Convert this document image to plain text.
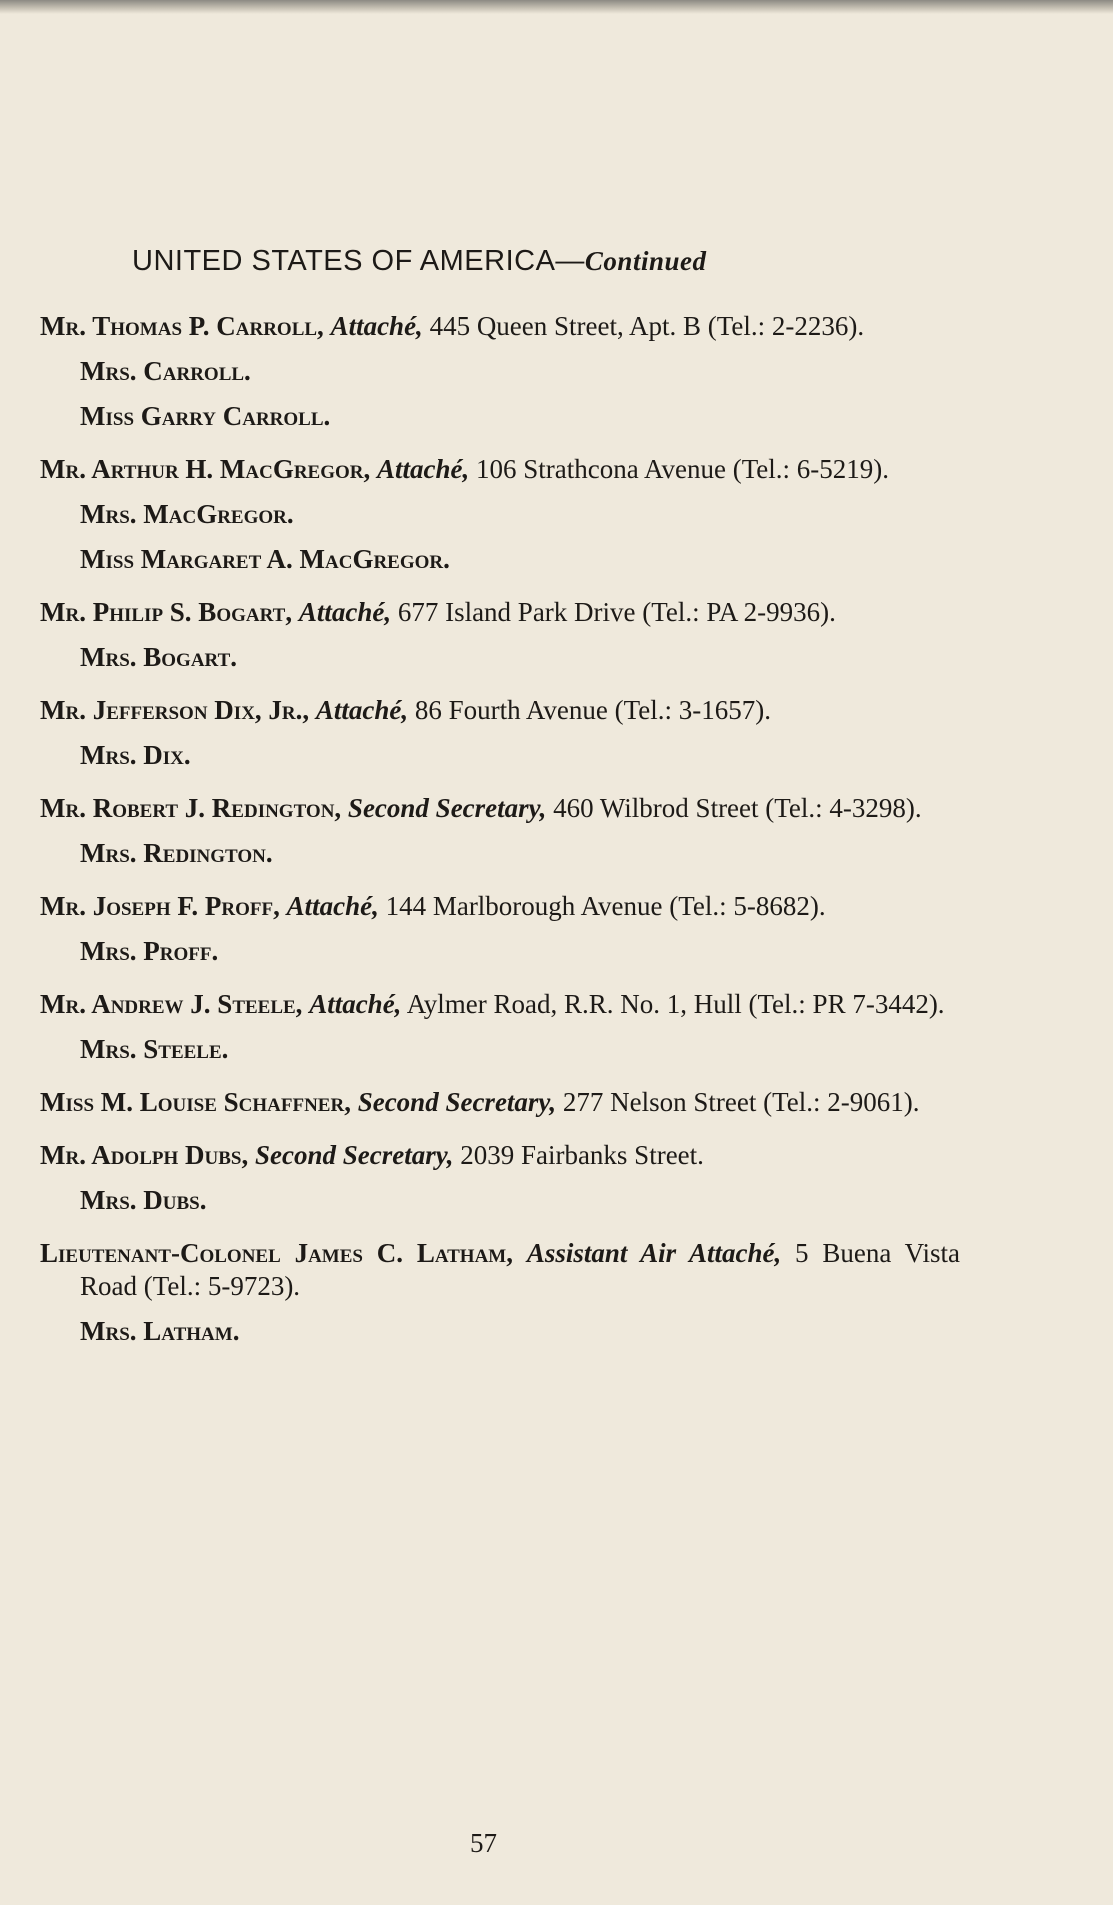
UNITED STATES OF AMERICA—Continued
Mr. Thomas P. Carroll, Attaché, 445 Queen Street, Apt. B (Tel.: 2-2236).
Mrs. Carroll.
Miss Garry Carroll.
Mr. Arthur H. MacGregor, Attaché, 106 Strathcona Avenue (Tel.: 6-5219).
Mrs. MacGregor.
Miss Margaret A. MacGregor.
Mr. Philip S. Bogart, Attaché, 677 Island Park Drive (Tel.: PA 2-9936).
Mrs. Bogart.
Mr. Jefferson Dix, Jr., Attaché, 86 Fourth Avenue (Tel.: 3-1657).
Mrs. Dix.
Mr. Robert J. Redington, Second Secretary, 460 Wilbrod Street (Tel.: 4-3298).
Mrs. Redington.
Mr. Joseph F. Proff, Attaché, 144 Marlborough Avenue (Tel.: 5-8682).
Mrs. Proff.
Mr. Andrew J. Steele, Attaché, Aylmer Road, R.R. No. 1, Hull (Tel.: PR 7-3442).
Mrs. Steele.
Miss M. Louise Schaffner, Second Secretary, 277 Nelson Street (Tel.: 2-9061).
Mr. Adolph Dubs, Second Secretary, 2039 Fairbanks Street.
Mrs. Dubs.
Lieutenant-Colonel James C. Latham, Assistant Air Attaché, 5 Buena Vista Road (Tel.: 5-9723).
Mrs. Latham.
57
